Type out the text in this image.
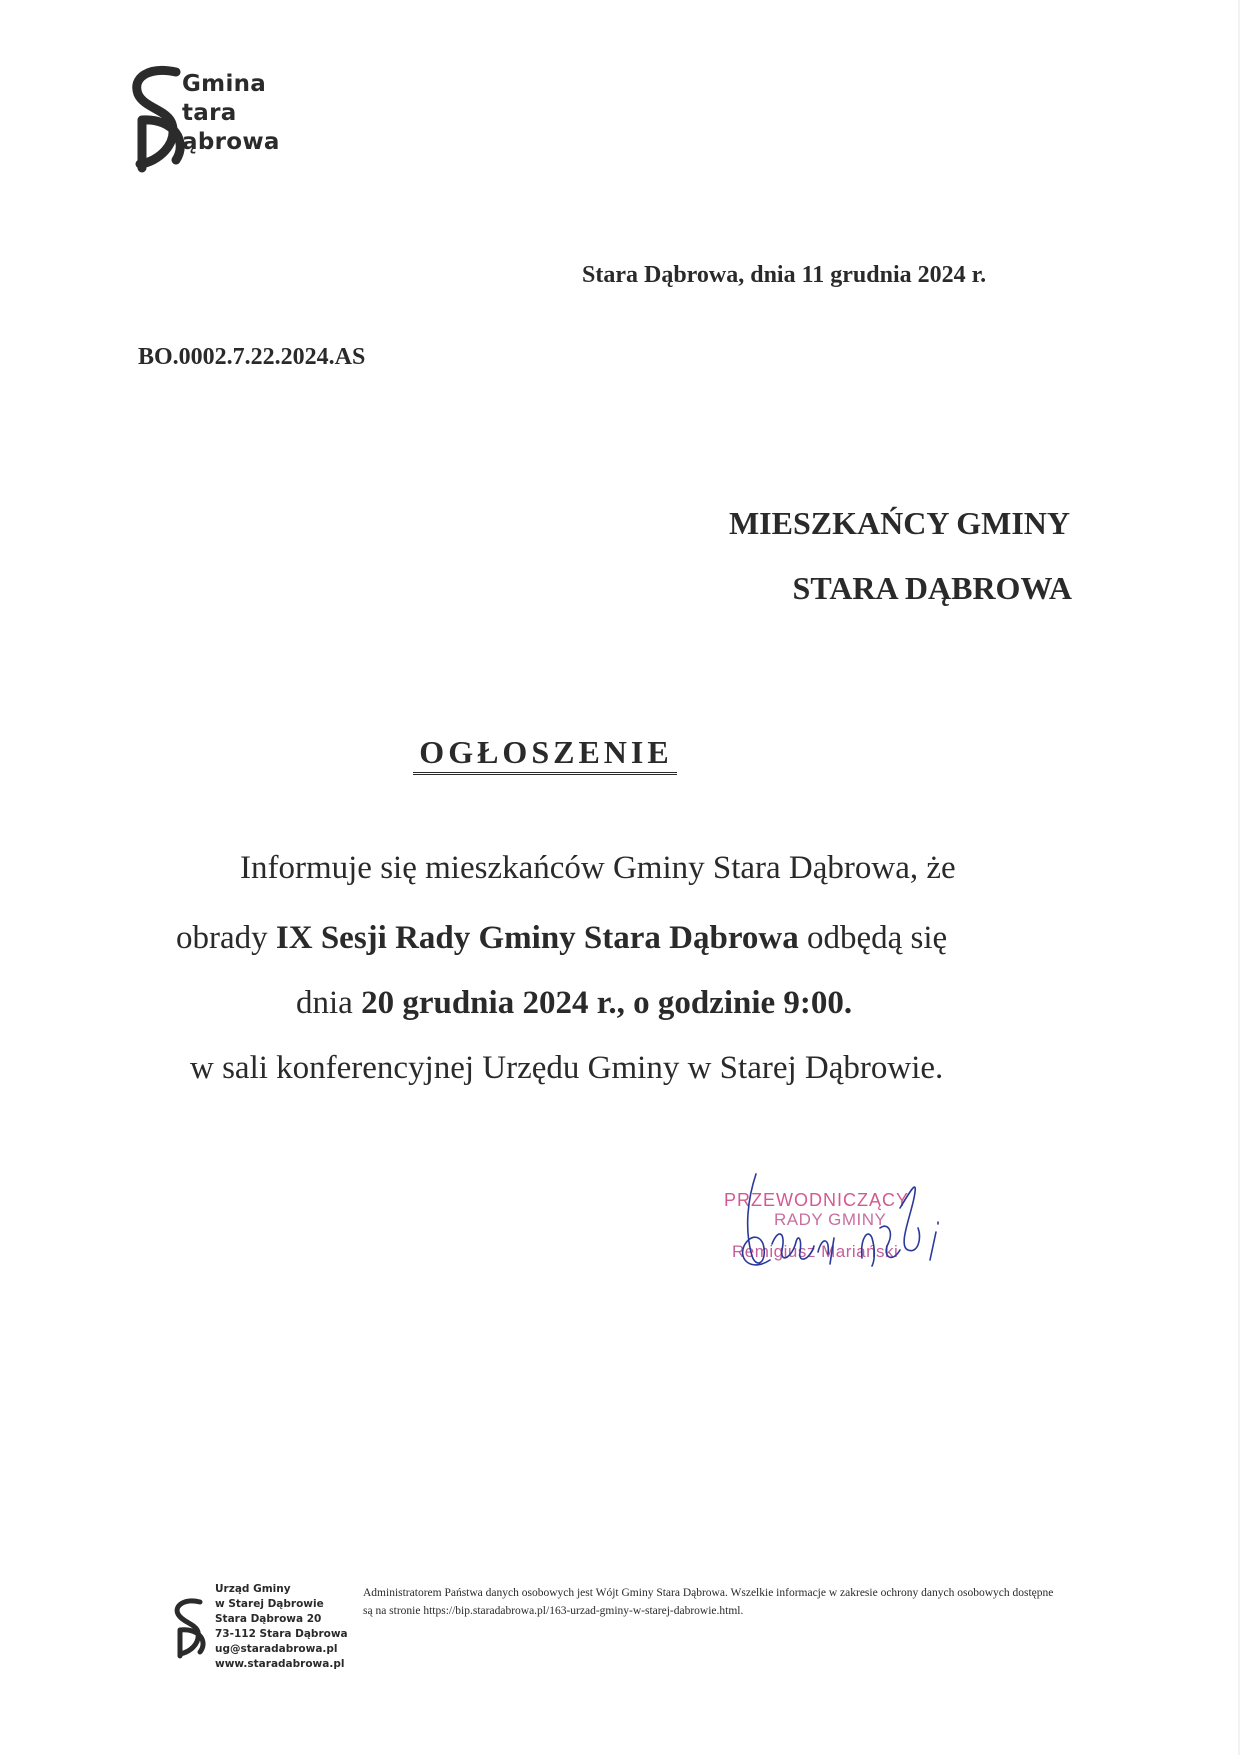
Gmina
tara
ąbrowa
Stara Dąbrowa, dnia 11 grudnia 2024 r.
BO.0002.7.22.2024.AS
MIESZKAŃCY GMINY
STARA DĄBROWA
OGŁOSZENIE
Informuje się mieszkańców Gminy Stara Dąbrowa, że
obrady IX Sesji Rady Gminy Stara Dąbrowa odbędą się
dnia 20 grudnia 2024 r., o godzinie 9:00.
w sali konferencyjnej Urzędu Gminy w Starej Dąbrowie.
PRZEWODNICZĄCY
RADY GMINY
Remigiusz Mariański
Urząd Gminy
w Starej Dąbrowie
Stara Dąbrowa 20
73-112 Stara Dąbrowa
ug@staradabrowa.pl
www.staradabrowa.pl
Administratorem Państwa danych osobowych jest Wójt Gminy Stara Dąbrowa. Wszelkie informacje w zakresie ochrony danych osobowych dostępne są na stronie https://bip.staradabrowa.pl/163-urzad-gminy-w-starej-dabrowie.html.
